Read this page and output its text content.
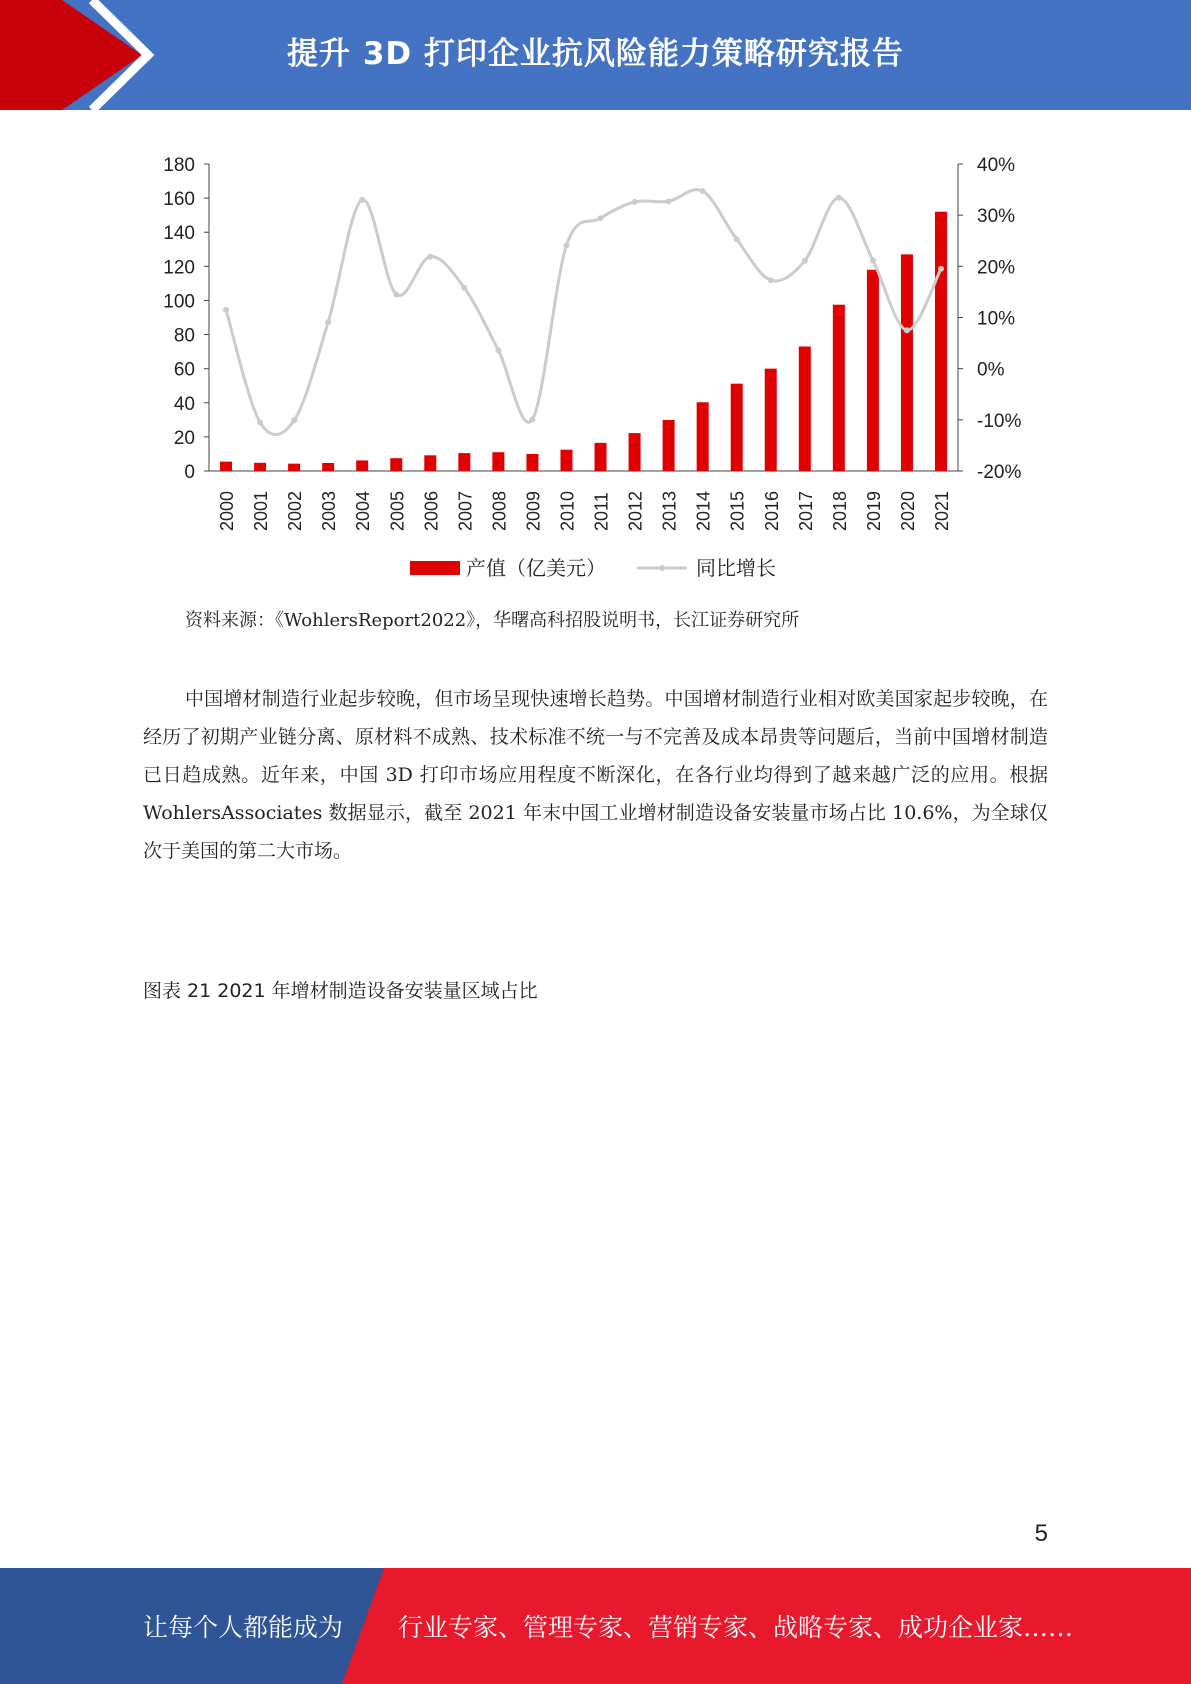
提升 3D 打印企业抗风险能力策略研究报告
0
20
40
60
80
100
120
140
160
180
-20%
-10%
0%
10%
20%
30%
40%
2000 2001 2002 2003 2004 2005 2006 2007 2008 2009 2010 2011 2012 2013 2014 2015 2016 2017 2018 2019 2020 2021
产值（亿美元）	同比增长
资料来源：《WohlersReport2022》，华曙高科招股说明书，长江证券研究所
中国增材制造行业起步较晚，但市场呈现快速增长趋势。中国增材制造行业相对欧美国家起步较晚，在经历了初期产业链分离、原材料不成熟、技术标准不统一与不完善及成本昂贵等问题后，当前中国增材制造已日趋成熟。近年来，中国 3D 打印市场应用程度不断深化，在各行业均得到了越来越广泛的应用。根据 WohlersAssociates 数据显示，截至 2021 年末中国工业增材制造设备安装量市场占比 10.6%，为全球仅次于美国的第二大市场。
图表 21 2021 年增材制造设备安装量区域占比
5
让每个人都能成为 行业专家、管理专家、营销专家、战略专家、成功企业家……
